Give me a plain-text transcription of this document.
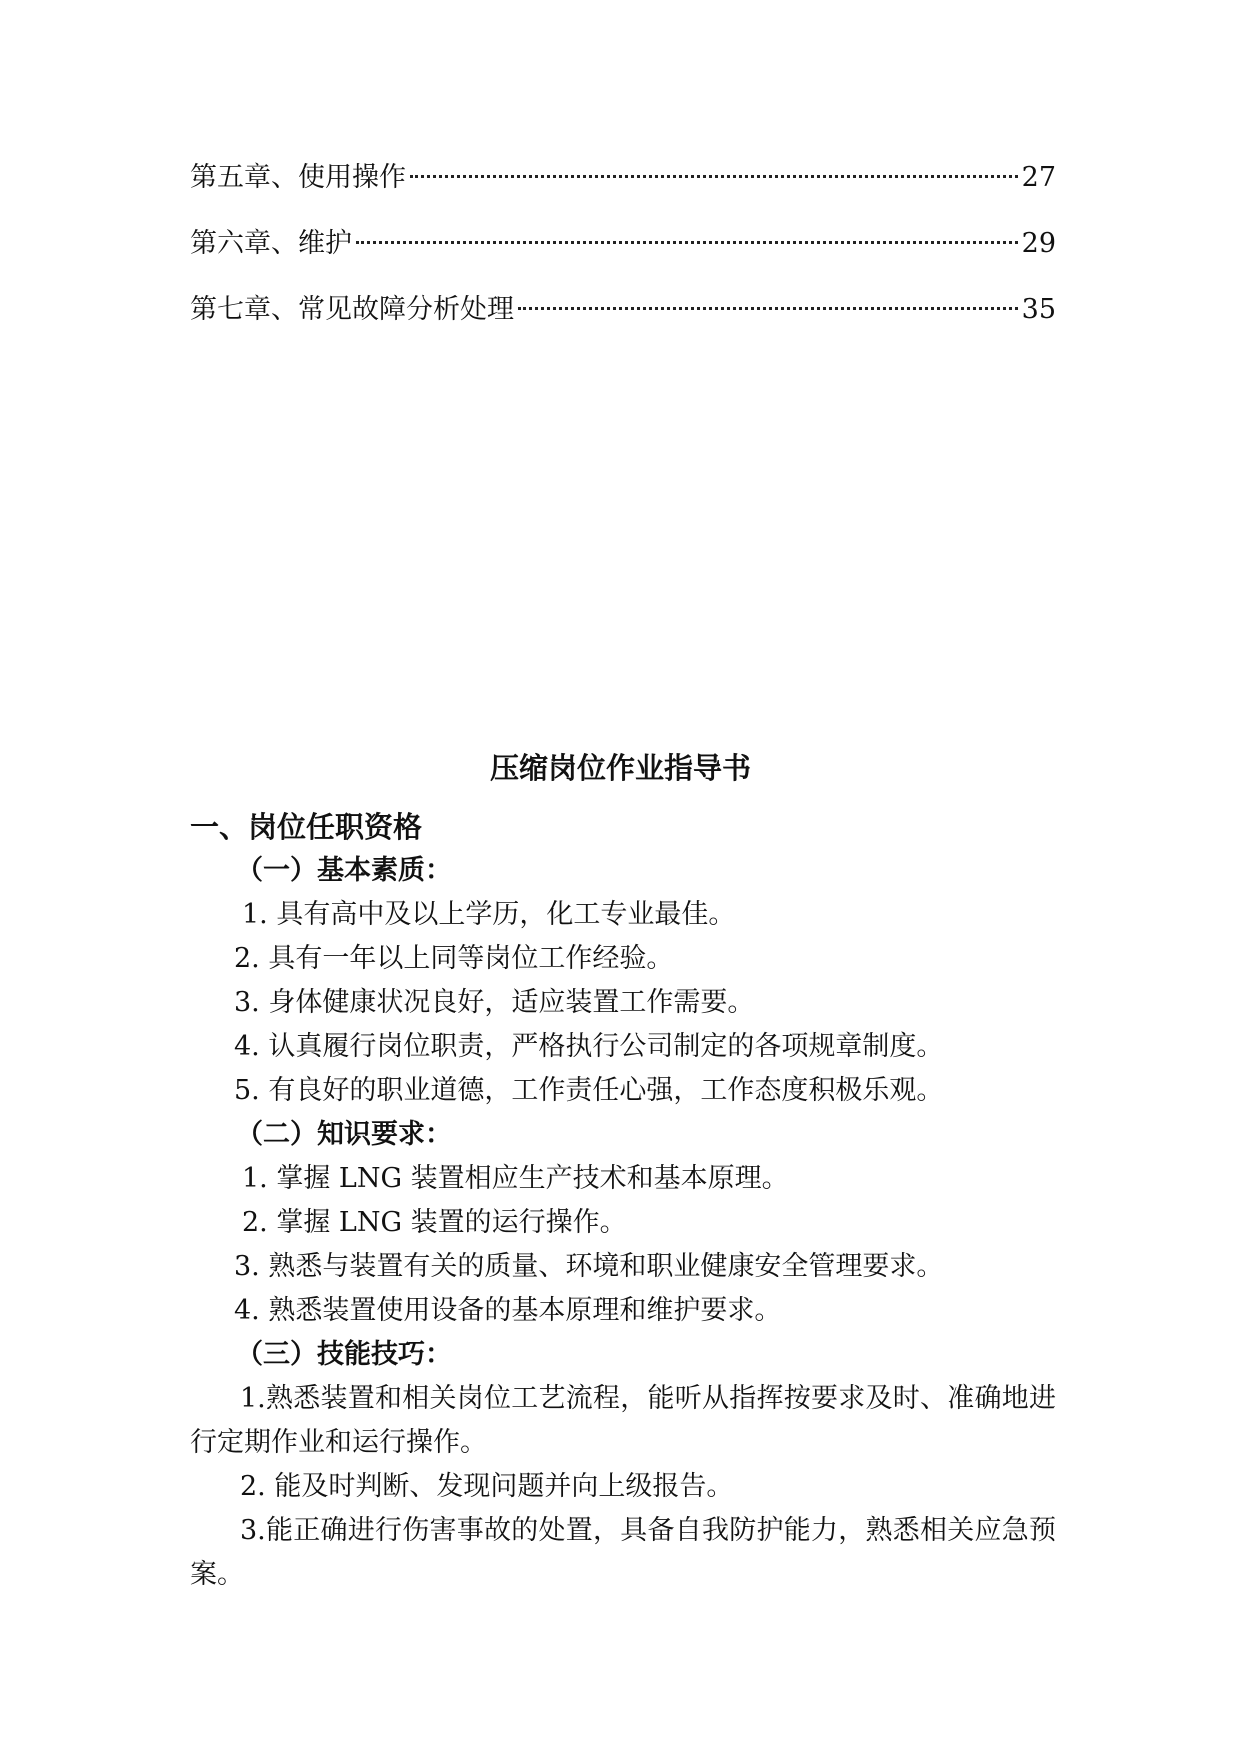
第五章、使用操作	27
第六章、维护	29
第七章、常见故障分析处理	35
压缩岗位作业指导书

一、岗位任职资格

（一）基本素质：

1. 具有高中及以上学历，化工专业最佳。

2. 具有一年以上同等岗位工作经验。

3. 身体健康状况良好，适应装置工作需要。

4. 认真履行岗位职责，严格执行公司制定的各项规章制度。

5. 有良好的职业道德，工作责任心强，工作态度积极乐观。

（二）知识要求：

1. 掌握 LNG 装置相应生产技术和基本原理。

2. 掌握 LNG 装置的运行操作。

3. 熟悉与装置有关的质量、环境和职业健康安全管理要求。

4. 熟悉装置使用设备的基本原理和维护要求。

（三）技能技巧：

1.熟悉装置和相关岗位工艺流程，能听从指挥按要求及时、准确地进行定期作业和运行操作。

2. 能及时判断、发现问题并向上级报告。

3.能正确进行伤害事故的处置，具备自我防护能力，熟悉相关应急预案。
